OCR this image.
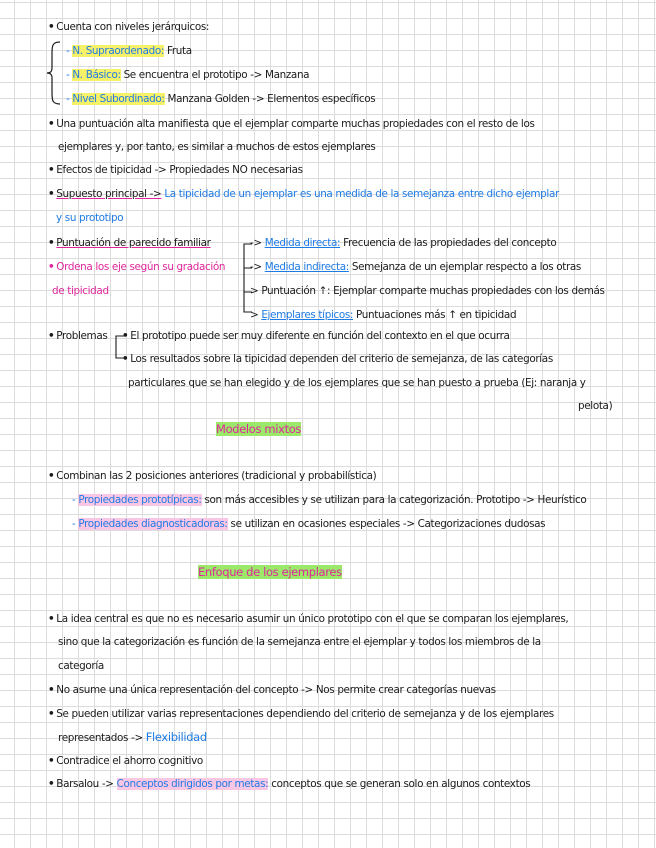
• Cuenta con niveles jerárquicos:
- N. Supraordenado: Fruta
- N. Básico: Se encuentra el prototipo -> Manzana
- Nivel Subordinado: Manzana Golden -> Elementos específicos
• Una puntuación alta manifiesta que el ejemplar comparte muchas propiedades con el resto de los
ejemplares y, por tanto, es similar a muchos de estos ejemplares
• Efectos de tipicidad -> Propiedades NO necesarias
• Supuesto principal -> La tipicidad de un ejemplar es una medida de la semejanza entre dicho ejemplar
y su prototipo
• Puntuación de parecido familiar
• Ordena los eje según su gradación
de tipicidad
-> Medida directa: Frecuencia de las propiedades del concepto
-> Medida indirecta: Semejanza de un ejemplar respecto a los otras
> Puntuación ↑: Ejemplar comparte muchas propiedades con los demás
> Ejemplares típicos: Puntuaciones más ↑ en tipicidad
• Problemas • El prototipo puede ser muy diferente en función del contexto en el que ocurra
• Los resultados sobre la tipicidad dependen del criterio de semejanza, de las categorías
particulares que se han elegido y de los ejemplares que se han puesto a prueba (Ej: naranja y
pelota)
Modelos mixtos
• Combinan las 2 posiciones anteriores (tradicional y probabilística)
- Propiedades prototípicas: son más accesibles y se utilizan para la categorización. Prototipo -> Heurístico
- Propiedades diagnosticadoras: se utilizan en ocasiones especiales -> Categorizaciones dudosas
Enfoque de los ejemplares
• La idea central es que no es necesario asumir un único prototipo con el que se comparan los ejemplares,
sino que la categorización es función de la semejanza entre el ejemplar y todos los miembros de la
categoría
• No asume una única representación del concepto -> Nos permite crear categorías nuevas
• Se pueden utilizar varias representaciones dependiendo del criterio de semejanza y de los ejemplares
representados -> Flexibilidad
• Contradice el ahorro cognitivo
• Barsalou -> Conceptos dirigidos por metas: conceptos que se generan solo en algunos contextos
